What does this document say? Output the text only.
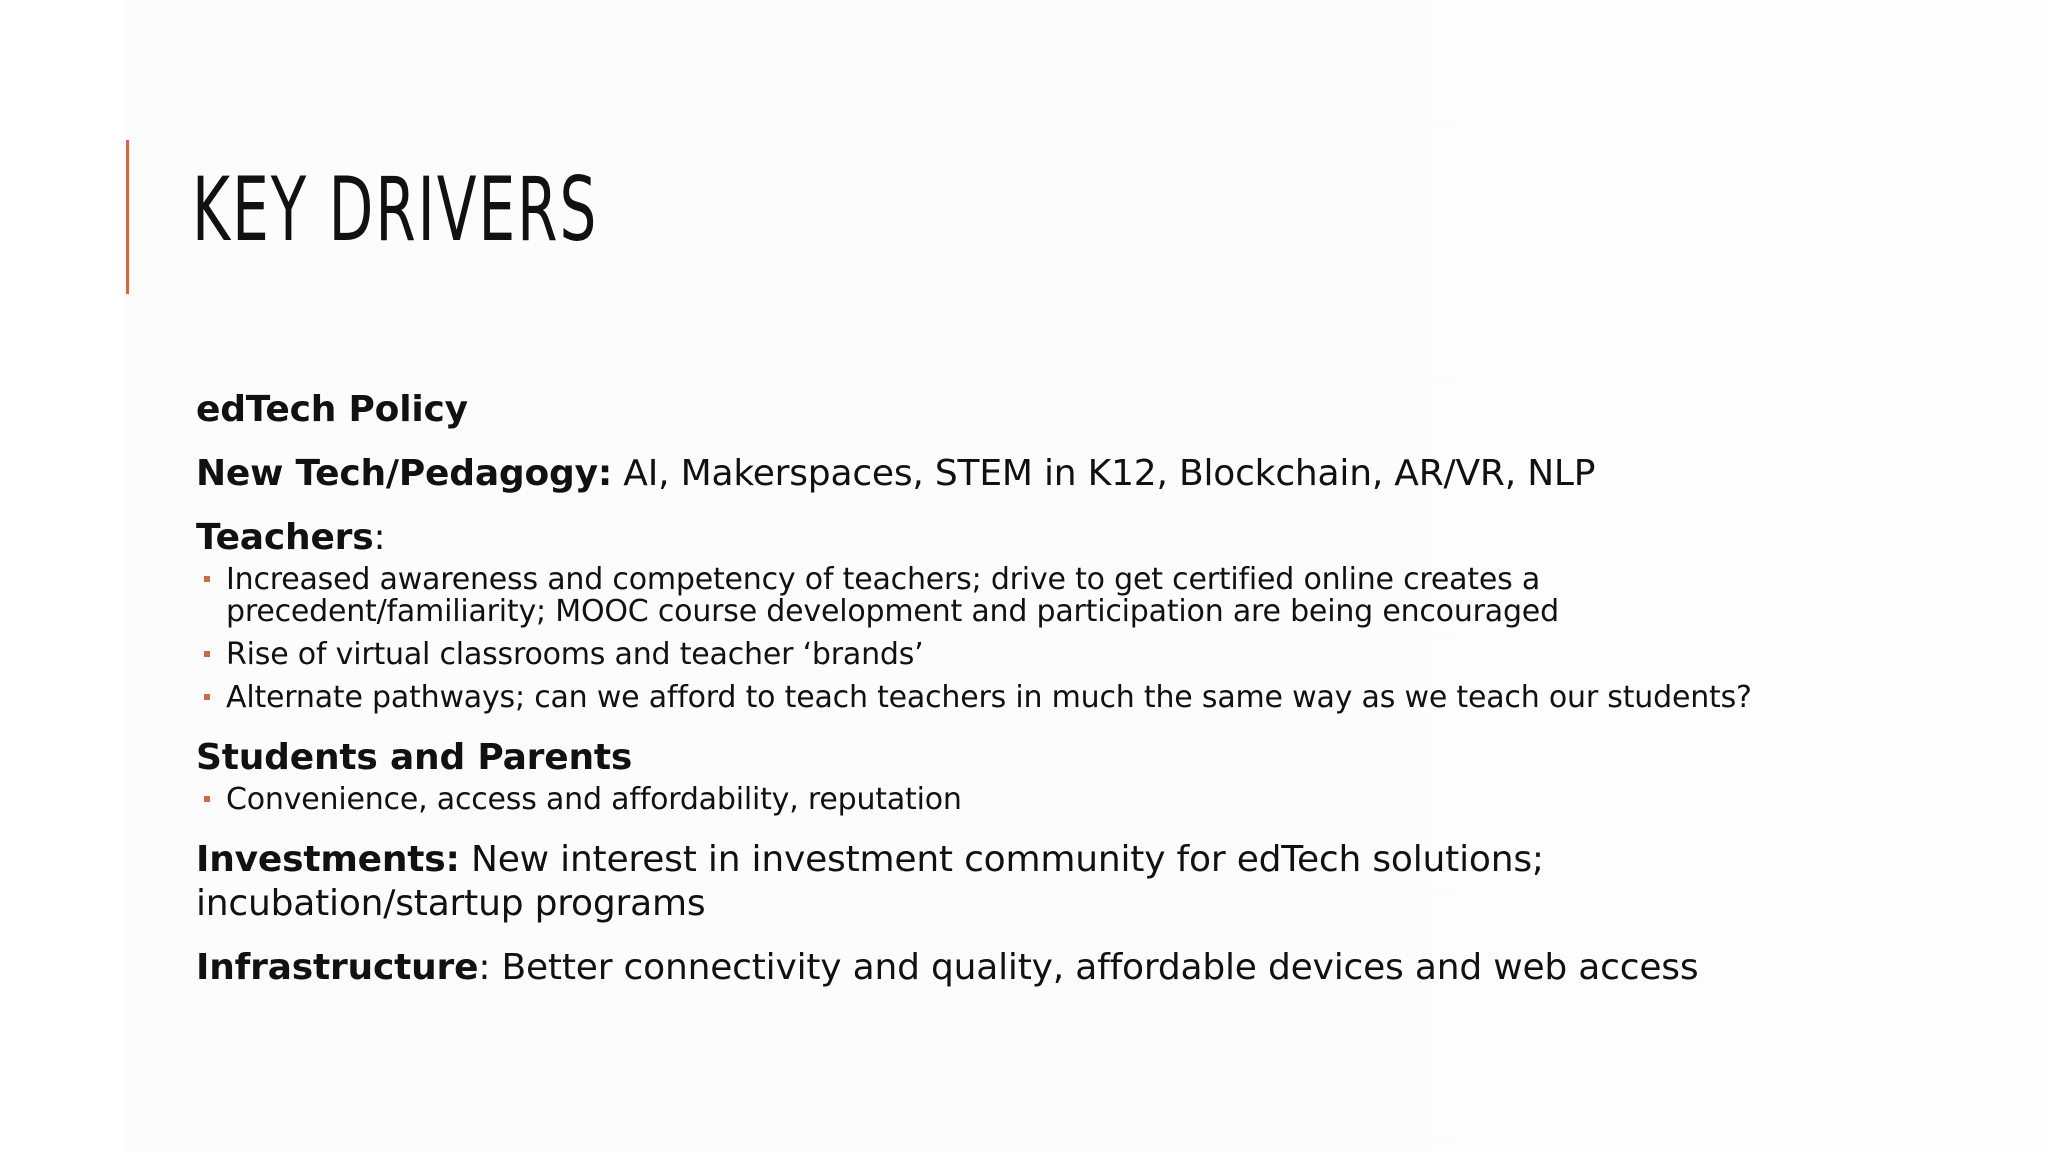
KEY DRIVERS

edTech Policy

New Tech/Pedagogy: AI, Makerspaces, STEM in K12, Blockchain, AR/VR, NLP

Teachers:

Increased awareness and competency of teachers; drive to get certified online creates a precedent/familiarity; MOOC course development and participation are being encouraged
Rise of virtual classrooms and teacher ‘brands’
Alternate pathways; can we afford to teach teachers in much the same way as we teach our students?

Students and Parents

Convenience, access and affordability, reputation

Investments: New interest in investment community for edTech solutions; incubation/startup programs

Infrastructure: Better connectivity and quality, affordable devices and web access
